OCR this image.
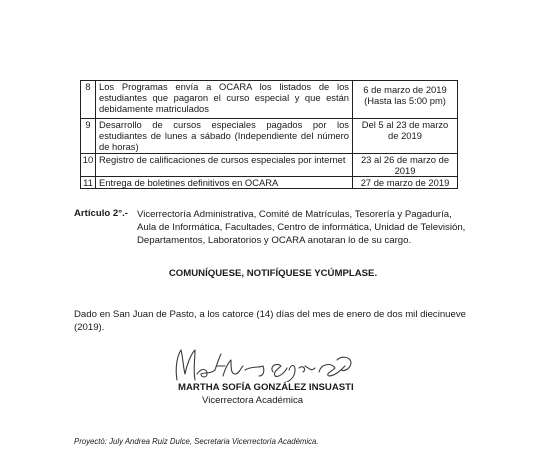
8	Los Programas envía a OCARA los listados de los estudiantes que pagaron el curso especial y que están debidamente matriculados	6 de marzo de 2019
(Hasta las 5:00 pm)

9	Desarrollo de cursos especiales pagados por los estudiantes de lunes a sábado (Independiente del número de horas)	Del 5 al 23 de marzo
de 2019

10	Registro de calificaciones de cursos especiales por internet	23 al 26 de marzo de
2019

11	Entrega de boletines definitivos en OCARA	27 de marzo de 2019
Artículo 2°.- Vicerrectoría Administrativa, Comité de Matrículas, Tesorería y Pagaduría, Aula de Informática, Facultades, Centro de informática, Unidad de Televisión, Departamentos, Laboratorios y OCARA anotaran lo de su cargo.
COMUNÍQUESE, NOTIFÍQUESE YCÚMPLASE.
Dado en San Juan de Pasto, a los catorce (14) días del mes de enero de dos mil diecinueve (2019).
MARTHA SOFÍA GONZÁLEZ INSUASTI
Vicerrectora Académica
Proyectó: July Andrea Ruiz Dulce, Secretaria Vicerrectoría Académica.
